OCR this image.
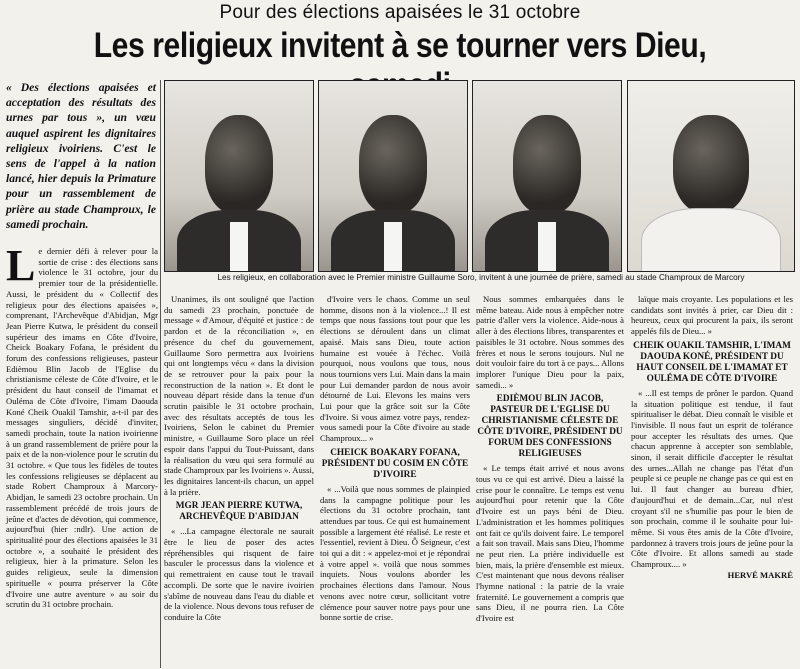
Pour des élections apaisées le 31 octobre
Les religieux invitent à se tourner vers Dieu,
Les religieux, en collaboration avec le Premier ministre Guillaume Soro, invitent à une journée de prière, samedi au stade Champroux de Marcory
« Des élections apaisées et acceptation des résultats des urnes par tous », un vœu auquel aspirent les dignitaires religieux ivoiriens. C'est le sens de l'appel à la nation lancé, hier depuis la Primature pour un rassemblement de prière au stade Champroux, le samedi prochain.
Le dernier défi à relever pour la sortie de crise : des élections sans violence le 31 octobre, jour du premier tour de la présidentielle. Aussi, le président du « Collectif des religieux pour des élections apaisées », comprenant, l'Archevêque d'Abidjan, Mgr Jean Pierre Kutwa, le président du conseil supérieur des imams en Côte d'Ivoire, Cheick Boakary Fofana, le président du forum des confessions religieuses, pasteur Edièmou Blin Jacob de l'Eglise du christianisme céleste de Côte d'Ivoire, et le président du haut conseil de l'imamat et Ouléma de Côte d'Ivoire, l'imam Daouda Koné Cheik Ouakil Tamshir, a-t-il par des messages singuliers, décidé d'inviter, samedi prochain, toute la nation ivoirienne à un grand rassemblement de prière pour la paix et de la non-violence pour le scrutin du 31 octobre. « Que tous les fidèles de toutes les confessions religieuses se déplacent au stade Robert Champroux à Marcory-Abidjan, le samedi 23 octobre prochain. Un rassemblement précédé de trois jours de jeûne et d'actes de dévotion, qui commence, aujourd'hui (hier :ndlr). Une action de spiritualité pour des élections apaisées le 31 octobre », a souhaité le président des religieux, hier à la primature. Selon les guides religieux, seule la dimension spirituelle « pourra préserver la Côte d'Ivoire une autre aventure » au soir du scrutin du 31 octobre prochain.

Unanimes, ils ont souligné que l'action du samedi 23 prochain, ponctuée de message « d'Amour, d'équité et justice : de pardon et de la réconciliation », en présence du chef du gouvernement, Guillaume Soro permettra aux Ivoiriens qui ont longtemps vécu « dans la division de se retrouver pour la paix pour la reconstruction de la nation ». Et dont le nouveau départ réside dans la tenue d'un scrutin paisible le 31 octobre prochain, avec des résultats acceptés de tous les Ivoiriens, Selon le cabinet du Premier ministre, « Guillaume Soro place un réel espoir dans l'appui du Tout-Puissant, dans la réalisation du vœu qui sera formulé au stade Champroux par les Ivoiriens ». Aussi, les dignitaires lancent-ils chacun, un appel à la prière.

MGR JEAN PIERRE KUTWA, ARCHEVÊQUE D'ABIDJAN

« ...La campagne électorale ne saurait être le lieu de poser des actes répréhensibles qui risquent de faire basculer le processus dans la violence et qui remettraient en cause tout le travail accompli. De sorte que le navire ivoirien s'abîme de nouveau dans l'eau du diable et de la violence. Nous devons tous refuser de conduire la Côte

d'Ivoire vers le chaos. Comme un seul homme, disons non à la violence...! Il est temps que nous fassions tout pour que les élections se déroulent dans un climat apaisé. Mais sans Dieu, toute action humaine est vouée à l'échec. Voilà pourquoi, nous voulons que tous, nous nous tournions vers Lui. Main dans la main pour Lui demander pardon de nous avoir détourné de Lui. Elevons les mains vers Lui pour que la grâce soit sur la Côte d'Ivoire. Si vous aimez votre pays, rendez-vous samedi pour la Côte d'ivoire au stade Champroux... »

CHEICK BOAKARY FOFANA, PRÉSIDENT DU COSIM EN CÔTE D'IVOIRE

« ...Voilà que nous sommes de plainpied dans la campagne politique pour les élections du 31 octobre prochain, tant attendues par tous. Ce qui est humainement possible a largement été réalisé. Le reste et l'essentiel, revient à Dieu. Ô Seigneur, c'est toi qui a dit : « appelez-moi et je répondrai à votre appel ». voilà que nous sommes inquiets. Nous voulons aborder les prochaines élections dans l'amour. Nous venons avec notre cœur, sollicitant votre clémence pour sauver notre pays pour une bonne sortie de crise.

Nous sommes embarquées dans le même bateau. Aide nous à empêcher notre patrie d'aller vers la violence. Aide-nous à aller à des élections libres, transparentes et paisibles le 31 octobre. Nous sommes des frères et nous le serons toujours. Nul ne doit vouloir faire du tort à ce pays... Allons implorer l'unique Dieu pour la paix, samedi... »

EDIÈMOU BLIN JACOB, PASTEUR DE L'EGLISE DU CHRISTIANISME CÉLESTE DE CÔTE D'IVOIRE, PRÉSIDENT DU FORUM DES CONFESSIONS RELIGIEUSES

« Le temps était arrivé et nous avons tous vu ce qui est arrivé. Dieu a laissé la crise pour le connaître. Le temps est venu aujourd'hui pour retenir que la Côte d'Ivoire est un pays béni de Dieu. L'administration et les hommes politiques ont fait ce qu'ils doivent faire. Le temporel a fait son travail. Mais sans Dieu, l'homme ne peut rien. La prière individuelle est bien, mais, la prière d'ensemble est mieux. C'est maintenant que nous devons réaliser l'hymne national : la patrie de la vraie fraternité. Le gouvernement a compris que sans Dieu, il ne pourra rien. La Côte d'Ivoire est

laïque mais croyante. Les populations et les candidats sont invités à prier, car Dieu dit : heureux, ceux qui procurent la paix, ils seront appelés fils de Dieu... »

CHEIK OUAKIL TAMSHIR, L'IMAM DAOUDA KONÉ, PRÉSIDENT DU HAUT CONSEIL DE L'IMAMAT ET OULÉMA DE CÔTE D'IVOIRE

« ...Il est temps de prôner le pardon. Quand la situation politique est tendue, il faut spiritualiser le débat. Dieu connaît le visible et l'invisible. Il nous faut un esprit de tolérance pour accepter les résultats des urnes. Que chacun apprenne à accepter son semblable, sinon, il serait difficile d'accepter le résultat des urnes...Allah ne change pas l'état d'un peuple si ce peuple ne change pas ce qui est en lui. Il faut changer au bureau d'hier, d'aujourd'hui et de demain...Car, nul n'est croyant s'il ne s'humilie pas pour le bien de son prochain, comme il le souhaite pour lui-même. Si vous êtes amis de la Côte d'Ivoire, pardonnez à travers trois jours de jeûne pour la Côte d'Ivoire. Et allons samedi au stade Champroux.... »

HERVÉ MAKRÉ
